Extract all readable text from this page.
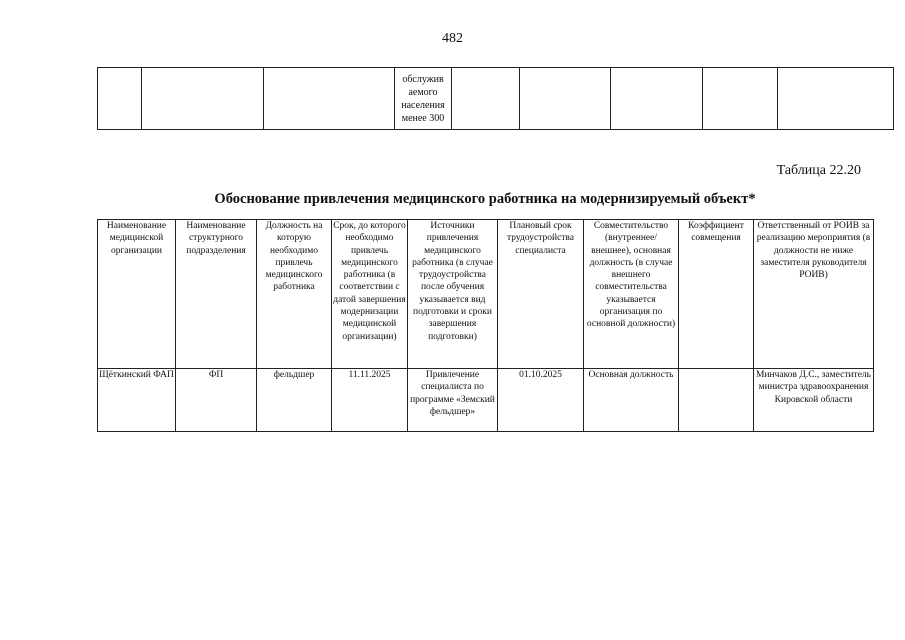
482
			обслужив аемого населения менее 300					
Таблица 22.20
Обоснование привлечения медицинского работника на модернизируемый объект*
Наименование медицинской организации	Наименование структурного подразделения	Должность на которую необходимо привлечь медицинского работника	Срок, до которого необходимо привлечь медицинского работника (в соответствии с датой завершения модернизации медицинской организации)	Источники привлечения медицинского работника (в случае трудоустройства после обучения указывается вид подготовки и сроки завершения подготовки)	Плановый срок трудоустройства специалиста	Совместительство (внутреннее/внешнее), основная должность (в случае внешнего совместительства указывается организация по основной должности)	Коэффициент совмещения	Ответственный от РОИВ за реализацию мероприятия (в должности не ниже заместителя руководителя РОИВ)
Щёткинский ФАП	ФП	фельдшер	11.11.2025	Привлечение специалиста по программе «Земский фельдшер»	01.10.2025	Основная должность		Минчаков Д.С., заместитель министра здравоохранения Кировской области
